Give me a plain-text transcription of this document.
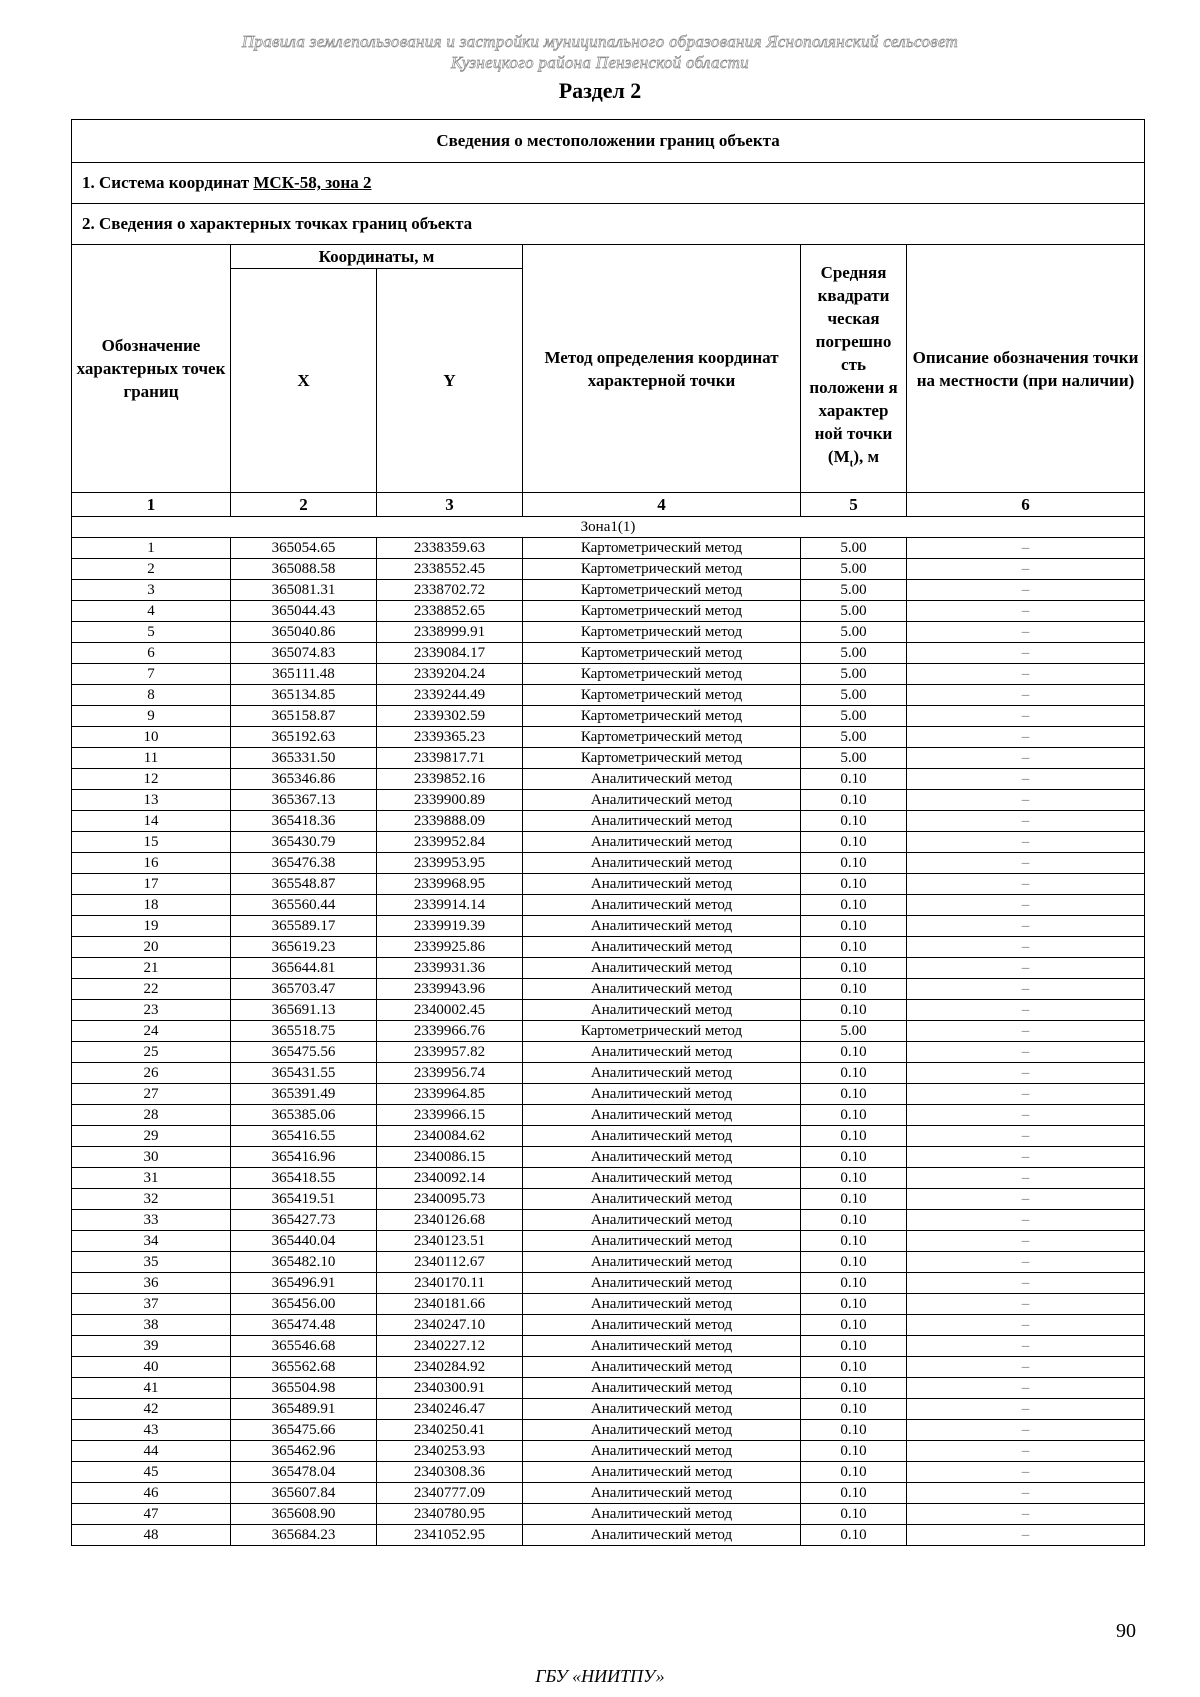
Правила землепользования и застройки муниципального образования Яснополянский сельсовет
Кузнецкого района Пензенской области
Раздел 2
Сведения о местоположении границ объекта					
1. Система координат МСК-58, зона 2					
2. Сведения о характерных точках границ объекта					
Обозначение характерных точек границ	Координаты, м		Метод определения координат характерной точки	Средняя квадрати ческая погрешно сть положени я характер ной точки $(M_t)$, м	Описание обозначения точки на местности (при наличии)
	X	Y			
1	2	3	4	5	6
Зона1(1)					
1	365054.65	2338359.63	Картометрический метод	5.00	–
2	365088.58	2338552.45	Картометрический метод	5.00	–
3	365081.31	2338702.72	Картометрический метод	5.00	–
4	365044.43	2338852.65	Картометрический метод	5.00	–
5	365040.86	2338999.91	Картометрический метод	5.00	–
6	365074.83	2339084.17	Картометрический метод	5.00	–
7	365111.48	2339204.24	Картометрический метод	5.00	–
8	365134.85	2339244.49	Картометрический метод	5.00	–
9	365158.87	2339302.59	Картометрический метод	5.00	–
10	365192.63	2339365.23	Картометрический метод	5.00	–
11	365331.50	2339817.71	Картометрический метод	5.00	–
12	365346.86	2339852.16	Аналитический метод	0.10	–
13	365367.13	2339900.89	Аналитический метод	0.10	–
14	365418.36	2339888.09	Аналитический метод	0.10	–
15	365430.79	2339952.84	Аналитический метод	0.10	–
16	365476.38	2339953.95	Аналитический метод	0.10	–
17	365548.87	2339968.95	Аналитический метод	0.10	–
18	365560.44	2339914.14	Аналитический метод	0.10	–
19	365589.17	2339919.39	Аналитический метод	0.10	–
20	365619.23	2339925.86	Аналитический метод	0.10	–
21	365644.81	2339931.36	Аналитический метод	0.10	–
22	365703.47	2339943.96	Аналитический метод	0.10	–
23	365691.13	2340002.45	Аналитический метод	0.10	–
24	365518.75	2339966.76	Картометрический метод	5.00	–
25	365475.56	2339957.82	Аналитический метод	0.10	–
26	365431.55	2339956.74	Аналитический метод	0.10	–
27	365391.49	2339964.85	Аналитический метод	0.10	–
28	365385.06	2339966.15	Аналитический метод	0.10	–
29	365416.55	2340084.62	Аналитический метод	0.10	–
30	365416.96	2340086.15	Аналитический метод	0.10	–
31	365418.55	2340092.14	Аналитический метод	0.10	–
32	365419.51	2340095.73	Аналитический метод	0.10	–
33	365427.73	2340126.68	Аналитический метод	0.10	–
34	365440.04	2340123.51	Аналитический метод	0.10	–
35	365482.10	2340112.67	Аналитический метод	0.10	–
36	365496.91	2340170.11	Аналитический метод	0.10	–
37	365456.00	2340181.66	Аналитический метод	0.10	–
38	365474.48	2340247.10	Аналитический метод	0.10	–
39	365546.68	2340227.12	Аналитический метод	0.10	–
40	365562.68	2340284.92	Аналитический метод	0.10	–
41	365504.98	2340300.91	Аналитический метод	0.10	–
42	365489.91	2340246.47	Аналитический метод	0.10	–
43	365475.66	2340250.41	Аналитический метод	0.10	–
44	365462.96	2340253.93	Аналитический метод	0.10	–
45	365478.04	2340308.36	Аналитический метод	0.10	–
46	365607.84	2340777.09	Аналитический метод	0.10	–
47	365608.90	2340780.95	Аналитический метод	0.10	–
48	365684.23	2341052.95	Аналитический метод	0.10	–
90
ГБУ «НИИТПУ»
